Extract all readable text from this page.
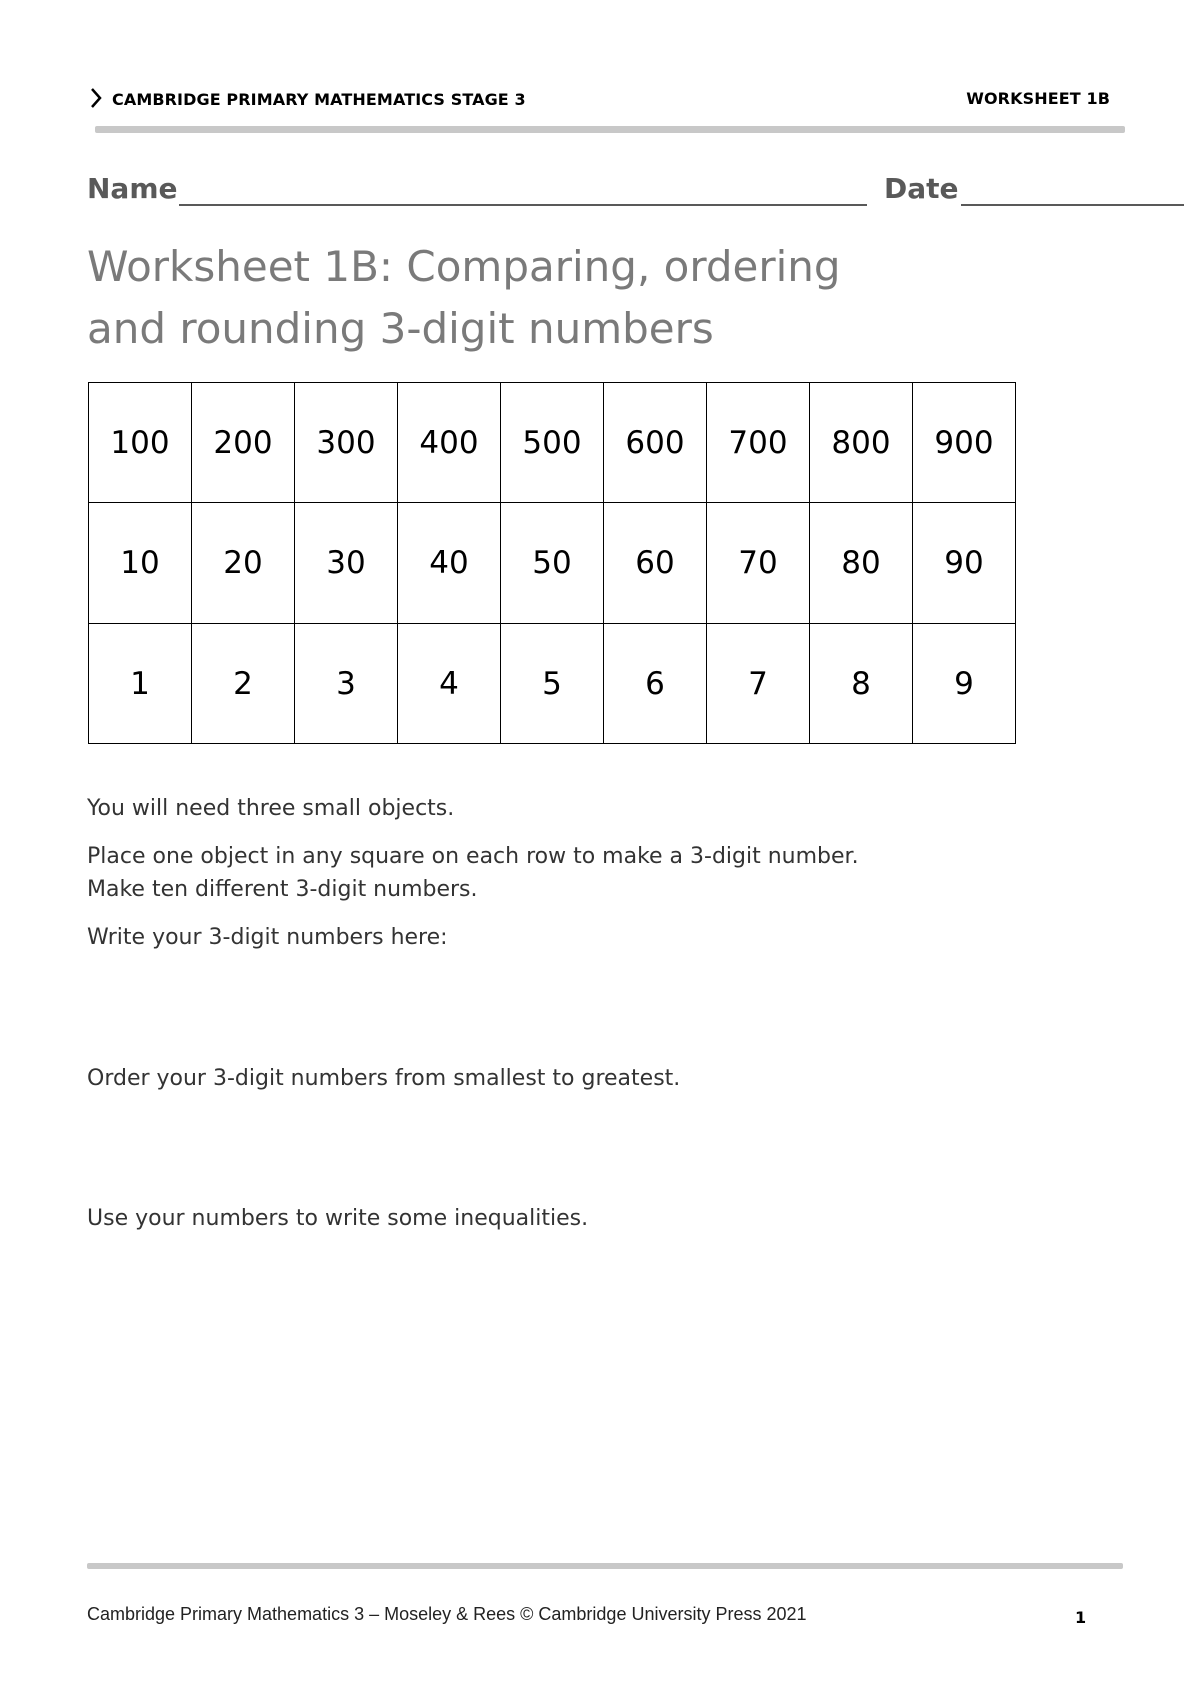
CAMBRIDGE PRIMARY MATHEMATICS STAGE 3	WORKSHEET 1B
Name	Date
Worksheet 1B: Comparing, ordering
and rounding 3-digit numbers
100	200	300	400	500	600	700	800	900
10	20	30	40	50	60	70	80	90
1	2	3	4	5	6	7	8	9

You will need three small objects.

Place one object in any square on each row to make a 3-digit number.

Make ten different 3-digit numbers.

Write your 3-digit numbers here:

Order your 3-digit numbers from smallest to greatest.

Use your numbers to write some inequalities.

Cambridge Primary Mathematics 3 – Moseley & Rees © Cambridge University Press 2021	1
